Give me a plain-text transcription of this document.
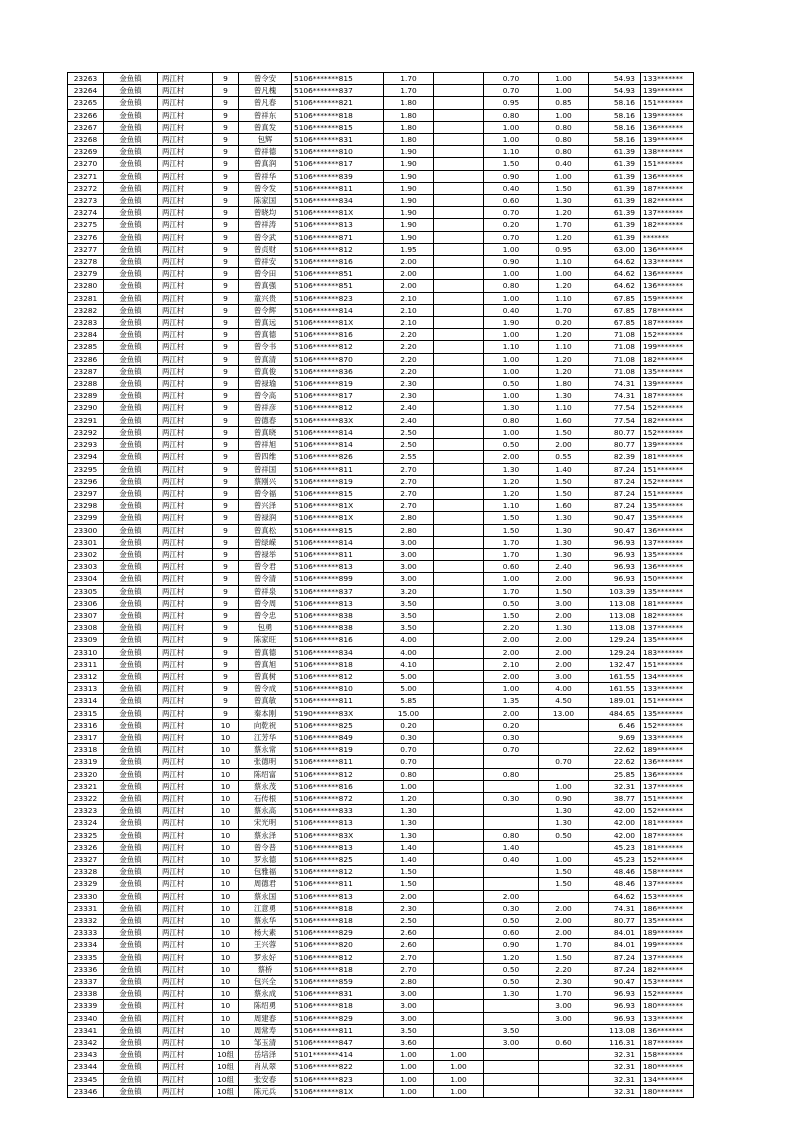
23263	金鱼镇	两江村	9	曾令安	5106*******815	1.70		0.70	1.00	54.93	133*******
23264	金鱼镇	两江村	9	曾凡槐	5106*******837	1.70		0.70	1.00	54.93	139*******
23265	金鱼镇	两江村	9	曾凡春	5106*******821	1.80		0.95	0.85	58.16	151*******
23266	金鱼镇	两江村	9	曾祥东	5106*******818	1.80		0.80	1.00	58.16	139*******
23267	金鱼镇	两江村	9	曾真发	5106*******815	1.80		1.00	0.80	58.16	136*******
23268	金鱼镇	两江村	9	包辉	5106*******831	1.80		1.00	0.80	58.16	139*******
23269	金鱼镇	两江村	9	曾祥德	5106*******810	1.90		1.10	0.80	61.39	138*******
23270	金鱼镇	两江村	9	曾真润	5106*******817	1.90		1.50	0.40	61.39	151*******
23271	金鱼镇	两江村	9	曾祥华	5106*******839	1.90		0.90	1.00	61.39	136*******
23272	金鱼镇	两江村	9	曾令发	5106*******811	1.90		0.40	1.50	61.39	187*******
23273	金鱼镇	两江村	9	陈家国	5106*******834	1.90		0.60	1.30	61.39	182*******
23274	金鱼镇	两江村	9	曾晓均	5106*******81X	1.90		0.70	1.20	61.39	137*******
23275	金鱼镇	两江村	9	曾祥涛	5106*******813	1.90		0.20	1.70	61.39	182*******
23276	金鱼镇	两江村	9	曾令武	5106*******871	1.90		0.70	1.20	61.39	*******
23277	金鱼镇	两江村	9	曾贞财	5106*******812	1.95		1.00	0.95	63.00	136*******
23278	金鱼镇	两江村	9	曾祥安	5106*******816	2.00		0.90	1.10	64.62	133*******
23279	金鱼镇	两江村	9	曾令田	5106*******851	2.00		1.00	1.00	64.62	136*******
23280	金鱼镇	两江村	9	曾真强	5106*******851	2.00		0.80	1.20	64.62	136*******
23281	金鱼镇	两江村	9	童兴贵	5106*******823	2.10		1.00	1.10	67.85	159*******
23282	金鱼镇	两江村	9	曾令辉	5106*******814	2.10		0.40	1.70	67.85	178*******
23283	金鱼镇	两江村	9	曾真远	5106*******81X	2.10		1.90	0.20	67.85	187*******
23284	金鱼镇	两江村	9	曾真德	5106*******816	2.20		1.00	1.20	71.08	152*******
23285	金鱼镇	两江村	9	曾令书	5106*******812	2.20		1.10	1.10	71.08	199*******
23286	金鱼镇	两江村	9	曾真清	5106*******870	2.20		1.00	1.20	71.08	182*******
23287	金鱼镇	两江村	9	曾真俊	5106*******836	2.20		1.00	1.20	71.08	135*******
23288	金鱼镇	两江村	9	曾禄瑜	5106*******819	2.30		0.50	1.80	74.31	139*******
23289	金鱼镇	两江村	9	曾令高	5106*******817	2.30		1.00	1.30	74.31	187*******
23290	金鱼镇	两江村	9	曾祥彦	5106*******812	2.40		1.30	1.10	77.54	152*******
23291	金鱼镇	两江村	9	曾德春	5106*******83X	2.40		0.80	1.60	77.54	182*******
23292	金鱼镇	两江村	9	曾真晓	5106*******814	2.50		1.00	1.50	80.77	152*******
23293	金鱼镇	两江村	9	曾祥旭	5106*******814	2.50		0.50	2.00	80.77	139*******
23294	金鱼镇	两江村	9	曾四维	5106*******826	2.55		2.00	0.55	82.39	181*******
23295	金鱼镇	两江村	9	曾祥国	5106*******811	2.70		1.30	1.40	87.24	151*******
23296	金鱼镇	两江村	9	蔡刚兴	5106*******819	2.70		1.20	1.50	87.24	152*******
23297	金鱼镇	两江村	9	曾令福	5106*******815	2.70		1.20	1.50	87.24	151*******
23298	金鱼镇	两江村	9	曾兴泽	5106*******81X	2.70		1.10	1.60	87.24	135*******
23299	金鱼镇	两江村	9	曾禄润	5106*******81X	2.80		1.50	1.30	90.47	135*******
23300	金鱼镇	两江村	9	曾真松	5106*******815	2.80		1.50	1.30	90.47	136*******
23301	金鱼镇	两江村	9	曾绿嵘	5106*******814	3.00		1.70	1.30	96.93	137*******
23302	金鱼镇	两江村	9	曾禄举	5106*******811	3.00		1.70	1.30	96.93	135*******
23303	金鱼镇	两江村	9	曾令君	5106*******813	3.00		0.60	2.40	96.93	136*******
23304	金鱼镇	两江村	9	曾令清	5106*******899	3.00		1.00	2.00	96.93	150*******
23305	金鱼镇	两江村	9	曾祥泉	5106*******837	3.20		1.70	1.50	103.39	135*******
23306	金鱼镇	两江村	9	曾令周	5106*******813	3.50		0.50	3.00	113.08	181*******
23307	金鱼镇	两江村	9	曾令忠	5106*******838	3.50		1.50	2.00	113.08	182*******
23308	金鱼镇	两江村	9	包勇	5106*******838	3.50		2.20	1.30	113.08	137*******
23309	金鱼镇	两江村	9	陈家旺	5106*******816	4.00		2.00	2.00	129.24	135*******
23310	金鱼镇	两江村	9	曾真德	5106*******834	4.00		2.00	2.00	129.24	183*******
23311	金鱼镇	两江村	9	曾真旭	5106*******818	4.10		2.10	2.00	132.47	151*******
23312	金鱼镇	两江村	9	曾真树	5106*******812	5.00		2.00	3.00	161.55	134*******
23313	金鱼镇	两江村	9	曾令成	5106*******810	5.00		1.00	4.00	161.55	133*******
23314	金鱼镇	两江村	9	曾真敏	5106*******811	5.85		1.35	4.50	189.01	151*******
23315	金鱼镇	两江村	9	秦本刚	5190*******83X	15.00		2.00	13.00	484.65	135*******
23316	金鱼镇	两江村	10	向乾祝	5106*******825	0.20		0.20		6.46	152*******
23317	金鱼镇	两江村	10	江芳华	5106*******849	0.30		0.30		9.69	133*******
23318	金鱼镇	两江村	10	蔡永常	5106*******819	0.70		0.70		22.62	189*******
23319	金鱼镇	两江村	10	张德明	5106*******811	0.70			0.70	22.62	136*******
23320	金鱼镇	两江村	10	陈绍富	5106*******812	0.80		0.80		25.85	136*******
23321	金鱼镇	两江村	10	蔡永茂	5106*******816	1.00			1.00	32.31	137*******
23322	金鱼镇	两江村	10	石传根	5106*******872	1.20		0.30	0.90	38.77	151*******
23323	金鱼镇	两江村	10	蔡永高	5106*******833	1.30			1.30	42.00	152*******
23324	金鱼镇	两江村	10	宋光明	5106*******813	1.30			1.30	42.00	181*******
23325	金鱼镇	两江村	10	蔡永泽	5106*******83X	1.30		0.80	0.50	42.00	187*******
23326	金鱼镇	两江村	10	曾令普	5106*******813	1.40		1.40		45.23	181*******
23327	金鱼镇	两江村	10	罗永德	5106*******825	1.40		0.40	1.00	45.23	152*******
23328	金鱼镇	两江村	10	包雅福	5106*******812	1.50			1.50	48.46	158*******
23329	金鱼镇	两江村	10	周德君	5106*******811	1.50			1.50	48.46	137*******
23330	金鱼镇	两江村	10	蔡永国	5106*******813	2.00		2.00		64.62	153*******
23331	金鱼镇	两江村	10	江意勇	5106*******818	2.30		0.30	2.00	74.31	186*******
23332	金鱼镇	两江村	10	蔡永华	5106*******818	2.50		0.50	2.00	80.77	135*******
23333	金鱼镇	两江村	10	杨大素	5106*******829	2.60		0.60	2.00	84.01	189*******
23334	金鱼镇	两江村	10	王兴蓉	5106*******820	2.60		0.90	1.70	84.01	199*******
23335	金鱼镇	两江村	10	罗永好	5106*******812	2.70		1.20	1.50	87.24	137*******
23336	金鱼镇	两江村	10	蔡桥	5106*******818	2.70		0.50	2.20	87.24	182*******
23337	金鱼镇	两江村	10	包兴全	5106*******859	2.80		0.50	2.30	90.47	153*******
23338	金鱼镇	两江村	10	蔡永成	5106*******831	3.00		1.30	1.70	96.93	152*******
23339	金鱼镇	两江村	10	陈绍勇	5106*******818	3.00			3.00	96.93	180*******
23340	金鱼镇	两江村	10	周建春	5106*******829	3.00			3.00	96.93	133*******
23341	金鱼镇	两江村	10	周常寿	5106*******811	3.50		3.50		113.08	136*******
23342	金鱼镇	两江村	10	邹玉清	5106*******847	3.60		3.00	0.60	116.31	187*******
23343	金鱼镇	两江村	10组	岳培泽	5101*******414	1.00	1.00			32.31	158*******
23344	金鱼镇	两江村	10组	肖从翠	5106*******822	1.00	1.00			32.31	180*******
23345	金鱼镇	两江村	10组	张安春	5106*******823	1.00	1.00			32.31	134*******
23346	金鱼镇	两江村	10组	陈元兵	5106*******81X	1.00	1.00			32.31	180*******
